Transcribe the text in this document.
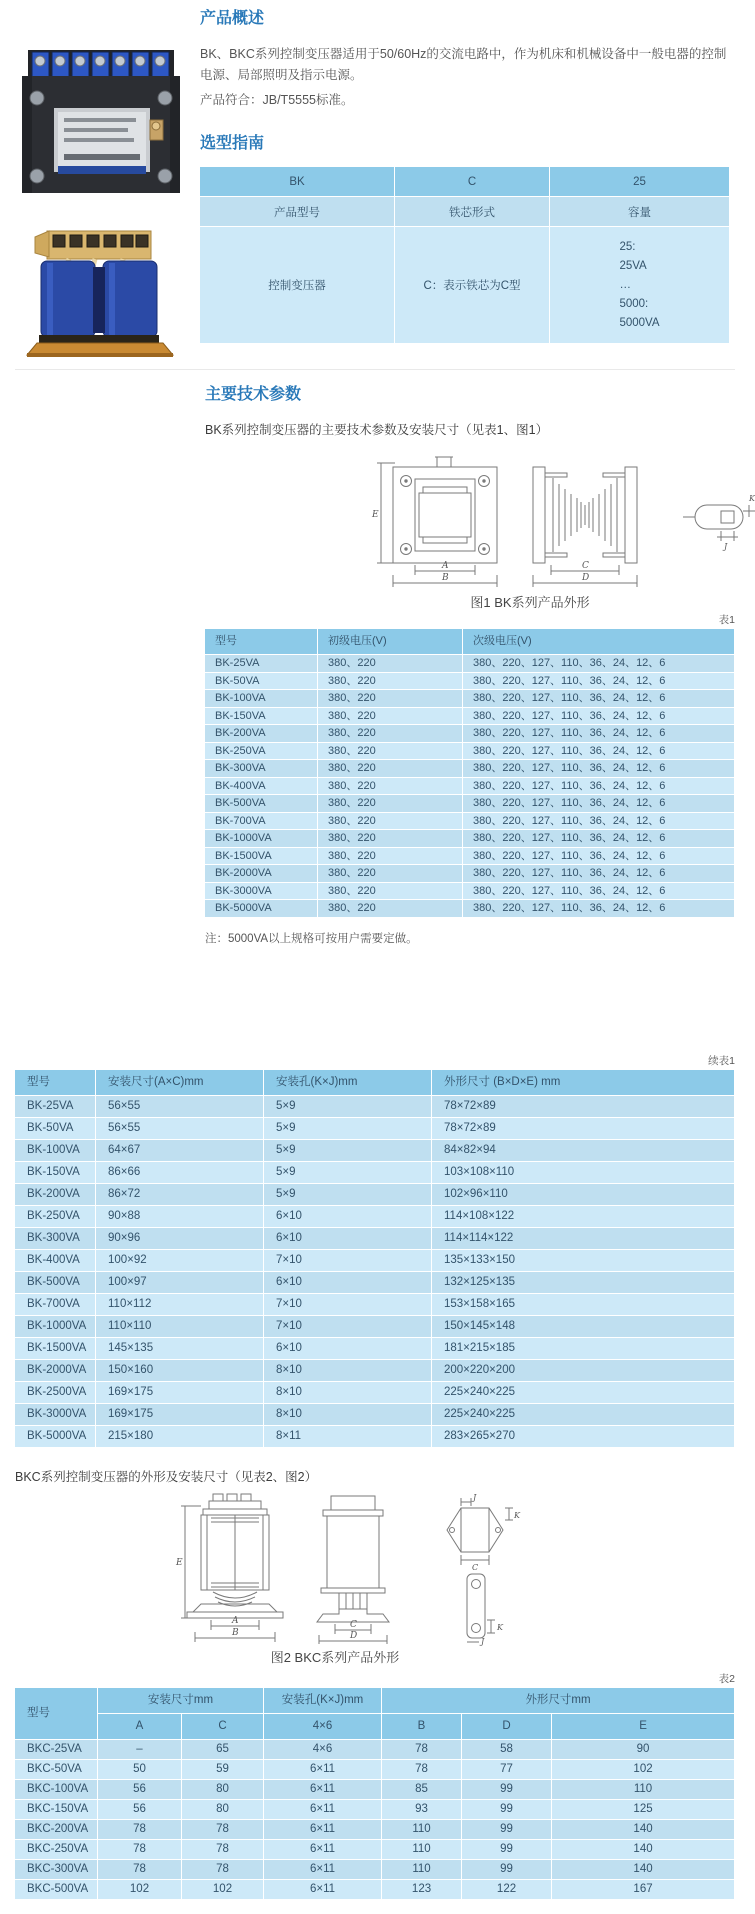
产品概述

BK、BKC系列控制变压器适用于50/60Hz的交流电路中，作为机床和机械设备中一般电器的控制电源、局部照明及指示电源。

产品符合：JB/T5555标准。

选型指南
BK	C	25
产品型号	铁芯形式	容量
控制变压器	C：表示铁芯为C型	25:
25VA
…
5000:
5000VA
主要技术参数

BK系列控制变压器的主要技术参数及安装尺寸（见表1、图1）

E
A
B
C
D
K
J
图1 BK系列产品外形
表1
型号	初级电压(V)	次级电压(V)
BK-25VA	380、220	380、220、127、110、36、24、12、6
BK-50VA	380、220	380、220、127、110、36、24、12、6
BK-100VA	380、220	380、220、127、110、36、24、12、6
BK-150VA	380、220	380、220、127、110、36、24、12、6
BK-200VA	380、220	380、220、127、110、36、24、12、6
BK-250VA	380、220	380、220、127、110、36、24、12、6
BK-300VA	380、220	380、220、127、110、36、24、12、6
BK-400VA	380、220	380、220、127、110、36、24、12、6
BK-500VA	380、220	380、220、127、110、36、24、12、6
BK-700VA	380、220	380、220、127、110、36、24、12、6
BK-1000VA	380、220	380、220、127、110、36、24、12、6
BK-1500VA	380、220	380、220、127、110、36、24、12、6
BK-2000VA	380、220	380、220、127、110、36、24、12、6
BK-3000VA	380、220	380、220、127、110、36、24、12、6
BK-5000VA	380、220	380、220、127、110、36、24、12、6

注：5000VA以上规格可按用户需要定做。

续表1
型号	安装尺寸(A×C)mm	安装孔(K×J)mm	外形尺寸 (B×D×E) mm
BK-25VA	56×55	5×9	78×72×89
BK-50VA	56×55	5×9	78×72×89
BK-100VA	64×67	5×9	84×82×94
BK-150VA	86×66	5×9	103×108×110
BK-200VA	86×72	5×9	102×96×110
BK-250VA	90×88	6×10	114×108×122
BK-300VA	90×96	6×10	114×114×122
BK-400VA	100×92	7×10	135×133×150
BK-500VA	100×97	6×10	132×125×135
BK-700VA	110×112	7×10	153×158×165
BK-1000VA	110×110	7×10	150×145×148
BK-1500VA	145×135	6×10	181×215×185
BK-2000VA	150×160	8×10	200×220×200
BK-2500VA	169×175	8×10	225×240×225
BK-3000VA	169×175	8×10	225×240×225
BK-5000VA	215×180	8×11	283×265×270

BKC系列控制变压器的外形及安装尺寸（见表2、图2）

E
A
B
C
D
J
K
C
K
J
图2 BKC系列产品外形
表2
型号	安装尺寸mm		安装孔(K×J)mm	外形尺寸mm		
	A	C	4×6	B	D	E
BKC-25VA	–	65	4×6	78	58	90
BKC-50VA	50	59	6×11	78	77	102
BKC-100VA	56	80	6×11	85	99	110
BKC-150VA	56	80	6×11	93	99	125
BKC-200VA	78	78	6×11	110	99	140
BKC-250VA	78	78	6×11	110	99	140
BKC-300VA	78	78	6×11	110	99	140
BKC-500VA	102	102	6×11	123	122	167
